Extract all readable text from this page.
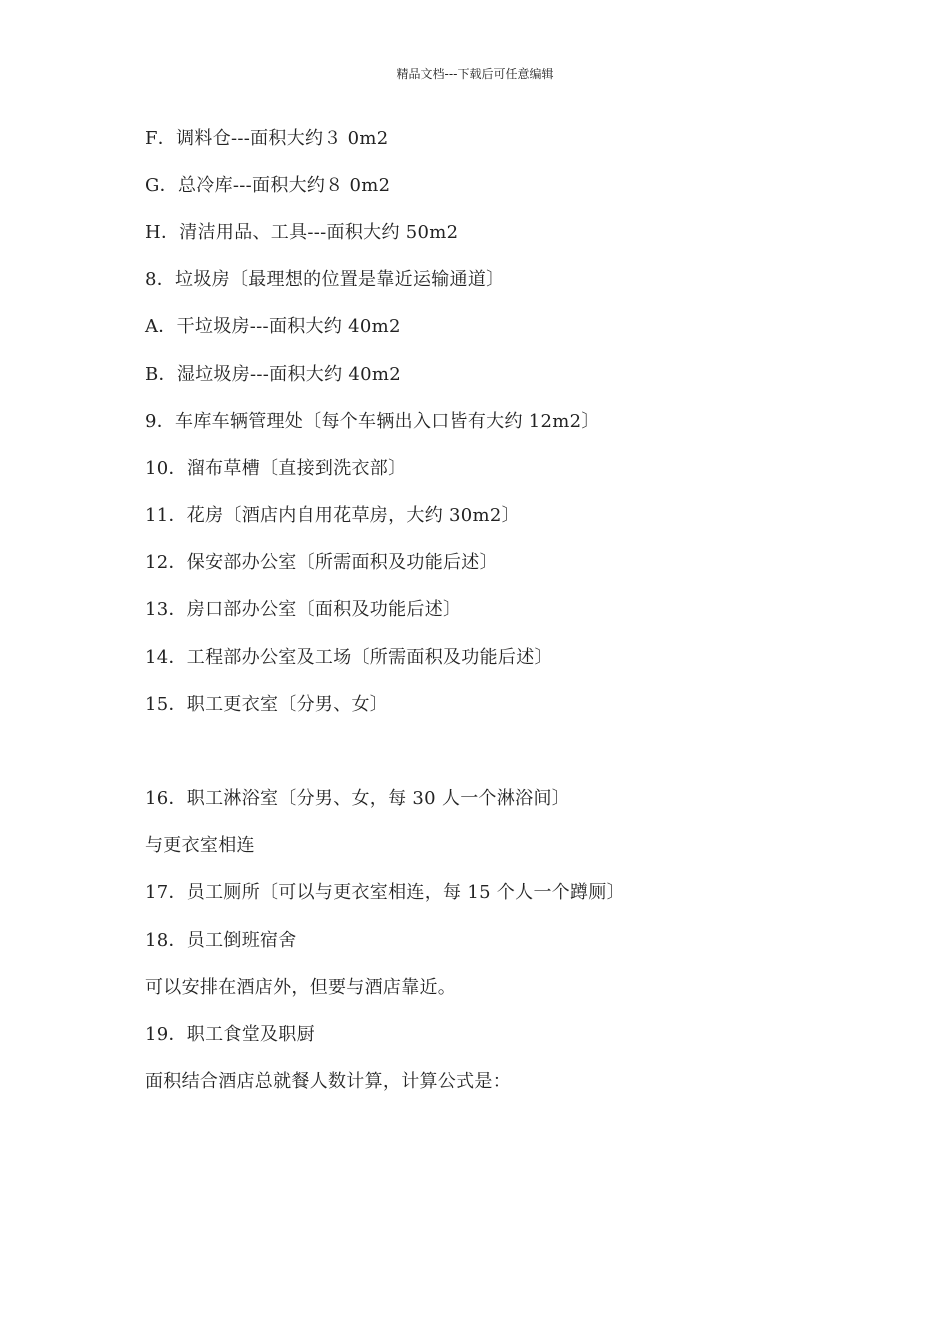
精品文档---下载后可任意编辑
F．调料仓---面积大约３ 0m2
G．总冷库---面积大约８ 0m2
H．清洁用品、工具---面积大约 50m2
8．垃圾房〔最理想的位置是靠近运输通道〕
A．干垃圾房---面积大约 40m2
B．湿垃圾房---面积大约 40m2
9．车库车辆管理处〔每个车辆出入口皆有大约 12m2〕
10．溜布草槽〔直接到洗衣部〕
11．花房〔酒店内自用花草房，大约 30m2〕
12．保安部办公室〔所需面积及功能后述〕
13．房口部办公室〔面积及功能后述〕
14．工程部办公室及工场〔所需面积及功能后述〕
15．职工更衣室〔分男、女〕
16．职工淋浴室〔分男、女，每 30 人一个淋浴间〕
与更衣室相连
17．员工厕所〔可以与更衣室相连，每 15 个人一个蹲厕〕
18．员工倒班宿舍
可以安排在酒店外，但要与酒店靠近。
19．职工食堂及职厨
面积结合酒店总就餐人数计算，计算公式是：
